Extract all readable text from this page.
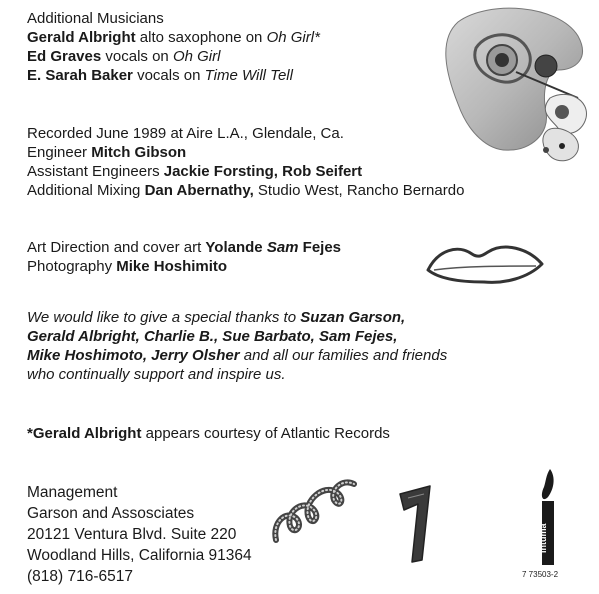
Additional Musicians
Gerald Albright alto saxophone on Oh Girl*
Ed Graves vocals on Oh Girl
E. Sarah Baker vocals on Time Will Tell
Recorded June 1989 at Aire L.A., Glendale, Ca.
Engineer Mitch Gibson
Assistant Engineers Jackie Forsting, Rob Seifert
Additional Mixing Dan Abernathy, Studio West, Rancho Bernardo
Art Direction and cover art Yolande Sam Fejes
Photography Mike Hoshimito
We would like to give a special thanks to Suzan Garson,
Gerald Albright, Charlie B., Sue Barbato, Sam Fejes,
Mike Hoshimoto, Jerry Olsher and all our families and friends
who continually support and inspire us.
*Gerald Albright appears courtesy of Atlantic Records
Management
Garson and Assosciates
20121 Ventura Blvd. Suite 220
Woodland Hills, California 91364
(818) 716-6517
intuma
7 73503-2
